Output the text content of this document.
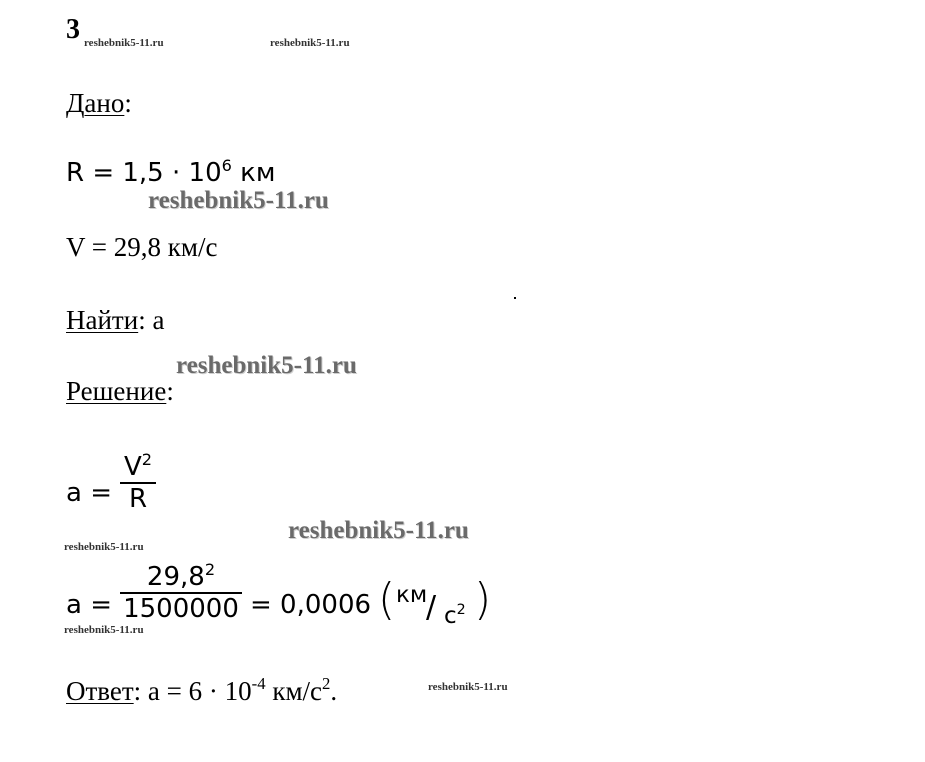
3 reshebnik5-11.ru	reshebnik5-11.ru
Дано:
$R = 1,5 \cdot 10^6$ км
reshebnik5-11.ru
V = 29,8 км/с
Найти: a
reshebnik5-11.ru
Решение:
a =
$V^2$
R
reshebnik5-11.ru
reshebnik5-11.ru
a =
$29,8^2$
1500000 = 0,0006 ( км
/ $с^2$ )
reshebnik5-11.ru
Ответ: $a = 6 \cdot 10^{-4}$ $км/с^2$.	reshebnik5-11.ru
